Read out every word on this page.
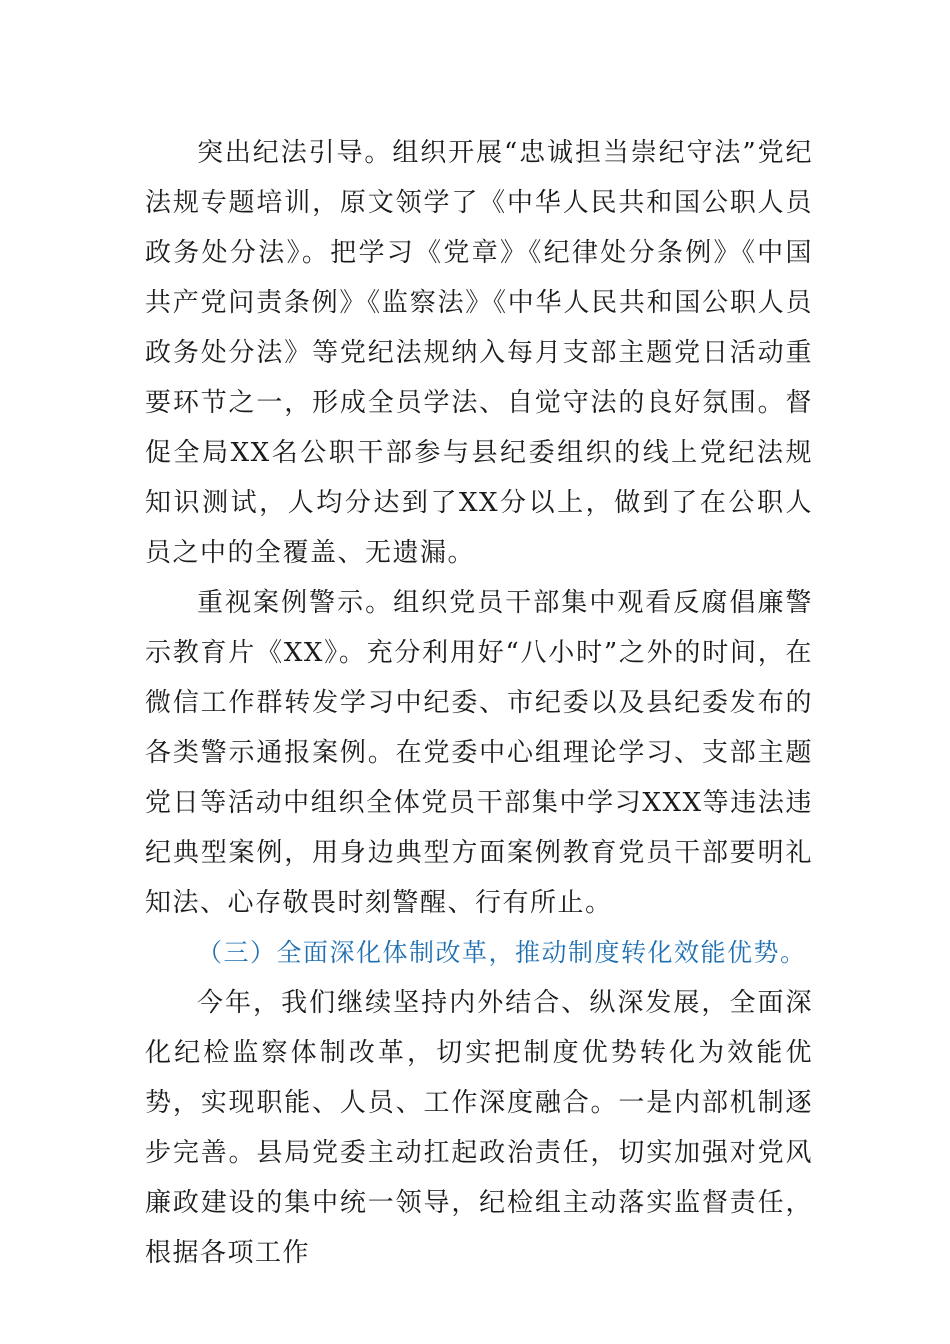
突出纪法引导。组织开展“忠诚担当崇纪守法”党纪法规专题培训，原文领学了《中华人民共和国公职人员政务处分法》。把学习《党章》《纪律处分条例》《中国共产党问责条例》《监察法》《中华人民共和国公职人员政务处分法》等党纪法规纳入每月支部主题党日活动重要环节之一，形成全员学法、自觉守法的良好氛围。督促全局XX名公职干部参与县纪委组织的线上党纪法规知识测试，人均分达到了XX分以上，做到了在公职人员之中的全覆盖、无遗漏。

重视案例警示。组织党员干部集中观看反腐倡廉警示教育片《XX》。充分利用好“八小时”之外的时间，在微信工作群转发学习中纪委、市纪委以及县纪委发布的各类警示通报案例。在党委中心组理论学习、支部主题党日等活动中组织全体党员干部集中学习XXX等违法违纪典型案例，用身边典型方面案例教育党员干部要明礼知法、心存敬畏时刻警醒、行有所止。

（三）全面深化体制改革，推动制度转化效能优势。

今年，我们继续坚持内外结合、纵深发展，全面深化纪检监察体制改革，切实把制度优势转化为效能优势，实现职能、人员、工作深度融合。一是内部机制逐步完善。县局党委主动扛起政治责任，切实加强对党风廉政建设的集中统一领导，纪检组主动落实监督责任，根据各项工作
